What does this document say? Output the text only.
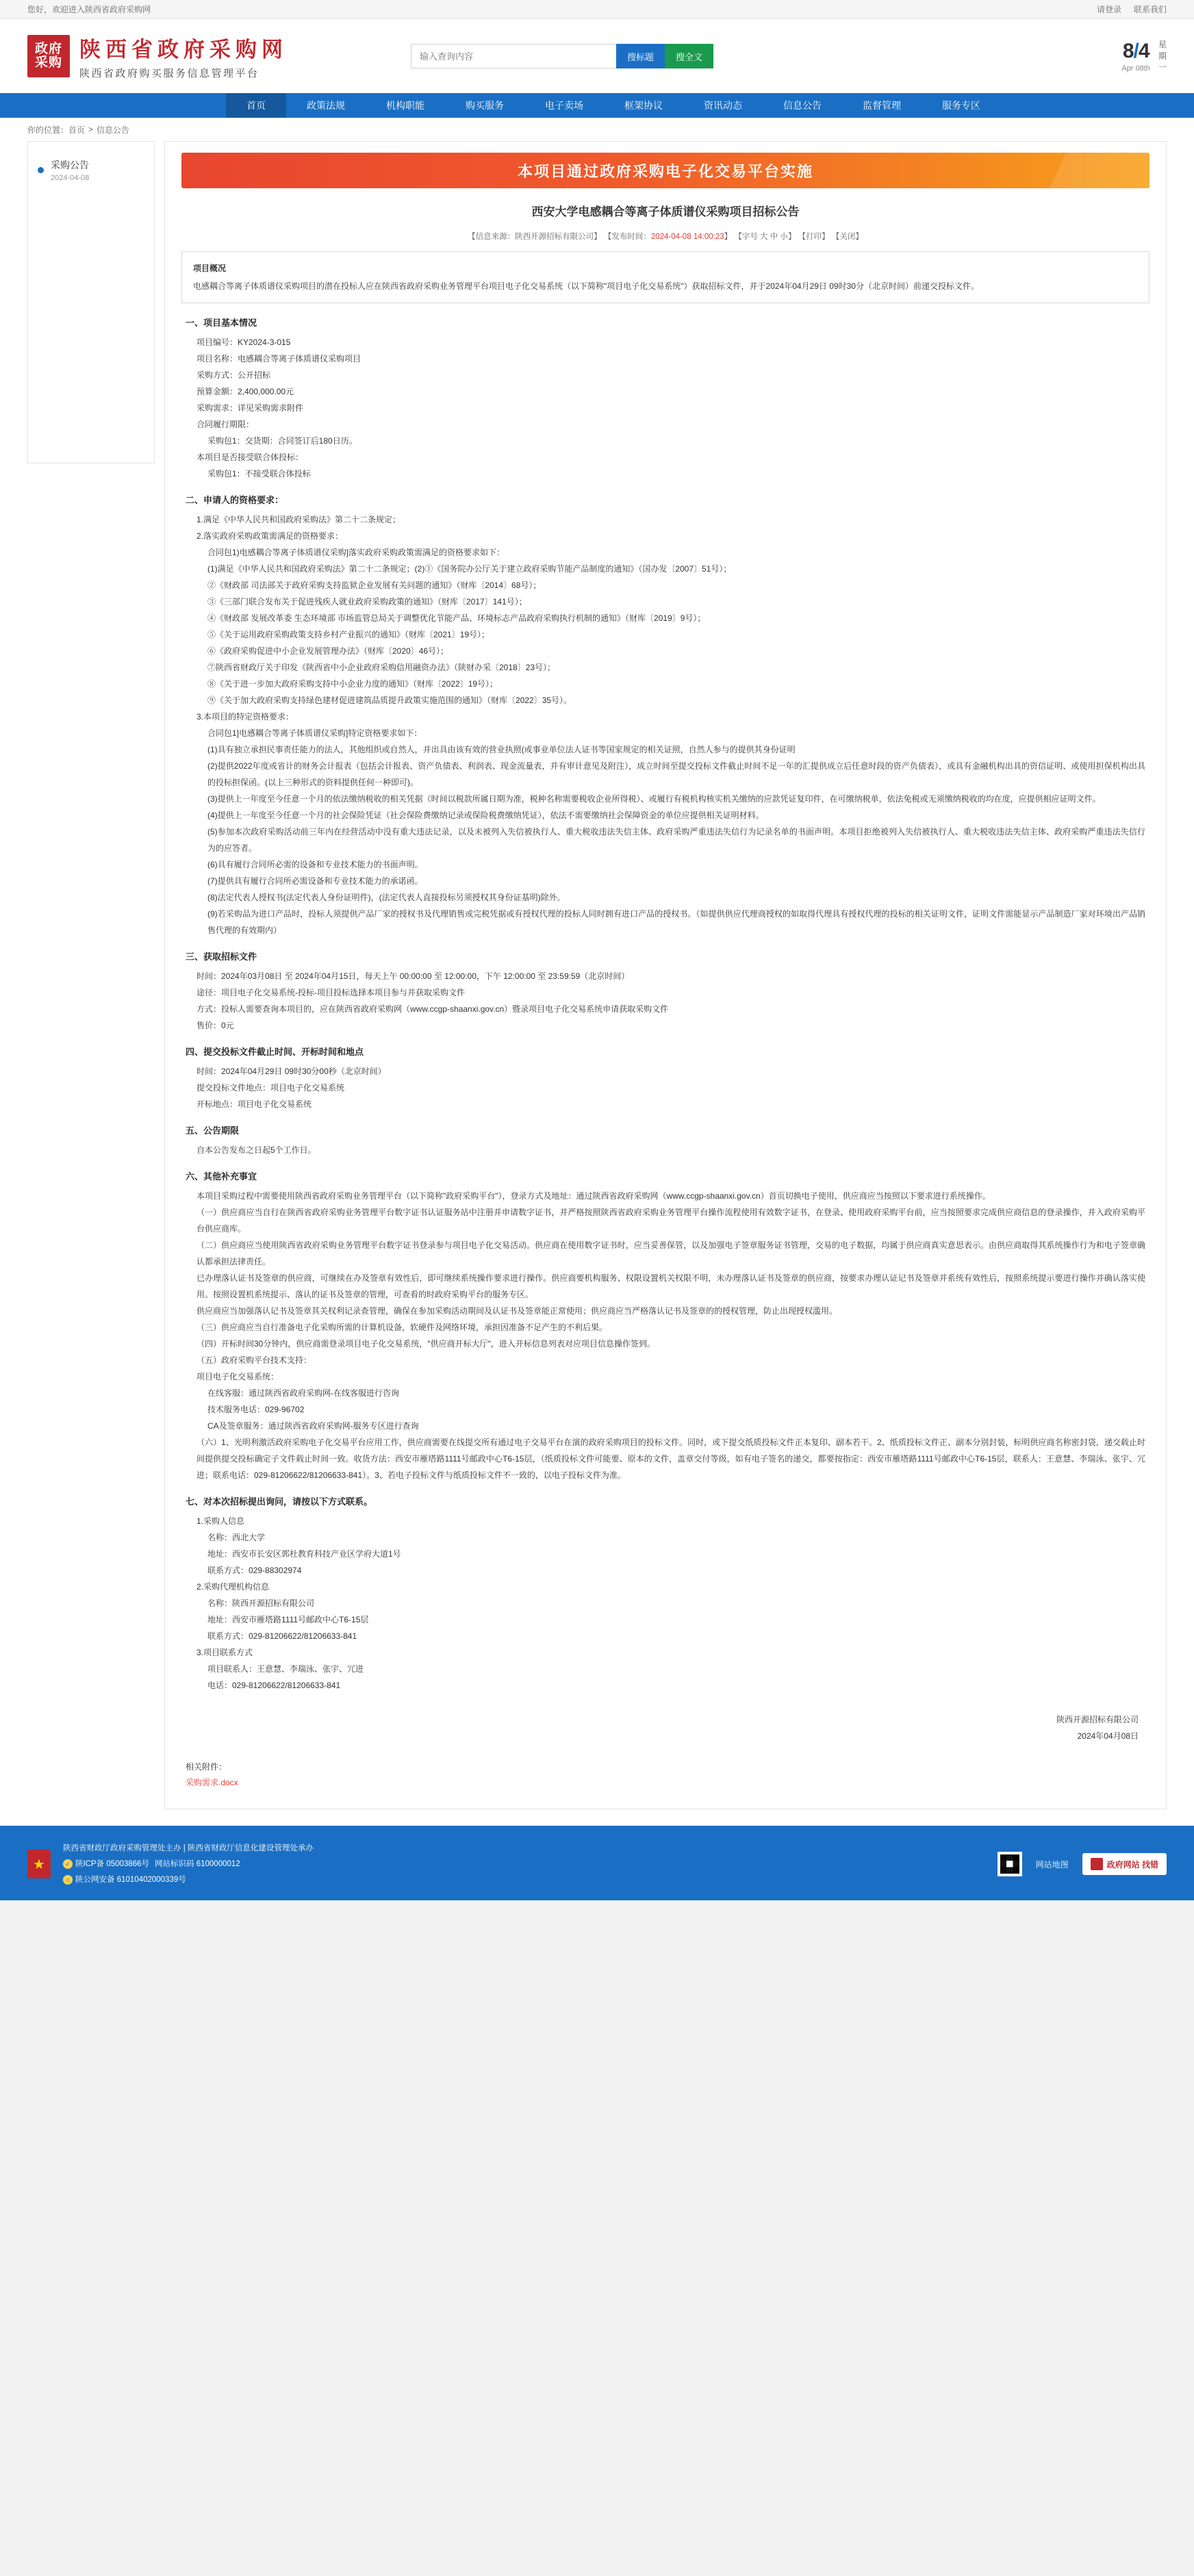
您好，欢迎进入陕西省政府采购网	请登录 联系我们
政府
采购
陕西省政府采购网
陕西省政府购买服务信息管理平台
输入查询内容
搜标题	搜全文	8/4
Apr 08th
星
期
一
首页	政策法规	机构职能	购买服务	电子卖场	框架协议	资讯动态	信息公告	监督管理	服务专区
你的位置： 首页 > 信息公告
采购公告
2024-04-08	本项目通过政府采购电子化交易平台实施
西安大学电感耦合等离子体质谱仪采购项目招标公告
【信息来源：陕西开源招标有限公司】 【发布时间：2024-04-08 14:00:23】 【字号 大 中 小】 【打印】 【关闭】
项目概况
电感耦合等离子体质谱仪采购项目的潜在投标人应在陕西省政府采购业务管理平台项目电子化交易系统（以下简称"项目电子化交易系统"）获取招标文件，并于2024年04月29日 09时30分（北京时间）前递交投标文件。
一、项目基本情况

项目编号：KY2024-3-015

项目名称：电感耦合等离子体质谱仪采购项目

采购方式：公开招标

预算金额：2,400,000.00元

采购需求：详见采购需求附件

合同履行期限：

采购包1：交货期：合同签订后180日历。

本项目是否接受联合体投标：

采购包1：不接受联合体投标

二、申请人的资格要求：

1.满足《中华人民共和国政府采购法》第二十二条规定；

2.落实政府采购政策需满足的资格要求：

合同包1)电感耦合等离子体质谱仪采购]落实政府采购政策需满足的资格要求如下：

(1)满足《中华人民共和国政府采购法》第二十二条规定；(2)①《国务院办公厅关于建立政府采购节能产品制度的通知》（国办发〔2007〕51号）；

②《财政部 司法部关于政府采购支持监狱企业发展有关问题的通知》（财库〔2014〕68号）；

③《三部门联合发布关于促进残疾人就业政府采购政策的通知》（财库〔2017〕141号）；

④《财政部 发展改革委 生态环境部 市场监管总局关于调整优化节能产品、环境标志产品政府采购执行机制的通知》（财库〔2019〕9号）；

⑤《关于运用政府采购政策支持乡村产业振兴的通知》（财库〔2021〕19号）；

⑥《政府采购促进中小企业发展管理办法》（财库〔2020〕46号）；

⑦陕西省财政厅关于印发《陕西省中小企业政府采购信用融资办法》（陕财办采〔2018〕23号）；

⑧《关于进一步加大政府采购支持中小企业力度的通知》（财库〔2022〕19号）；

⑨《关于加大政府采购支持绿色建材促进建筑品质提升政策实施范围的通知》（财库〔2022〕35号）。

3.本项目的特定资格要求：

合同包1]电感耦合等离子体质谱仪采购]特定资格要求如下：

(1)具有独立承担民事责任能力的法人，其他组织或自然人，并出具由该有效的营业执照(或事业单位法人证书等国家规定的相关证照，自然人参与的提供其身份证明

(2)提供2022年度或省计的财务会计报表（包括会计报表、资产负债表、利润表、现金流量表，并有审计意见及附注），成立时间至提交投标文件截止时间不足一年的汇提供成立后任意时段的资产负债表），或具有金融机构出具的资信证明、或使用担保机构出具的投标担保函。(以上三种形式的资料提供任何一种即可)。

(3)提供上一年度至今任意一个月的依法缴纳税收的相关凭据（时间以税款所属日期为准，税种名称需要税收企业所得税）、或履行有税机构核实机关缴纳的应款凭证复印件，在可缴纳税单，依法免税或无须缴纳税收的均在度，应提供相应证明文件。

(4)提供上一年度至今任意一个月的社会保险凭证（社会保险费缴纳记录或保险税费缴纳凭证），依法不需要缴纳社会保障资金的单位应提供相关证明材料。

(5)参加本次政府采购活动前三年内在经营活动中没有重大违法记录，以及未被列入失信被执行人、重大税收违法失信主体、政府采购严重违法失信行为记录名单的书面声明。本项目拒绝被列入失信被执行人、重大税收违法失信主体、政府采购严重违法失信行为的应答者。

(6)具有履行合同所必需的设备和专业技术能力的书面声明。

(7)提供具有履行合同所必需设备和专业技术能力的承诺函。

(8)法定代表人授权书(法定代表人身份证明件)，(法定代表人直接投标另须授权其身份证基明)除外。

(9)若采购品为进口产品时，投标人须提供产品厂家的授权书及代理销售或完税凭据或有授权代理的投标人同时拥有进口产品的授权书。（如提供供应代理商授权的如取得代理具有授权代理的投标的相关证明文件，证明文件需能显示产品制造厂家对环境出产品销售代理的有效期内）

三、获取招标文件

时间：2024年03月08日 至 2024年04月15日，每天上午 00:00:00 至 12:00:00，下午 12:00:00 至 23:59:59（北京时间）

途径：项目电子化交易系统-投标-项目投标选择本项目参与并获取采购文件

方式：投标人需要查询本项目的，应在陕西省政府采购网（www.ccgp-shaanxi.gov.cn）暨录项目电子化交易系统申请获取采购文件

售价：0元

四、提交投标文件截止时间、开标时间和地点

时间：2024年04月29日 09时30分00秒（北京时间）

提交投标文件地点：项目电子化交易系统

开标地点：项目电子化交易系统

五、公告期限

自本公告发布之日起5个工作日。

六、其他补充事宜

本项目采购过程中需要使用陕西省政府采购业务管理平台（以下简称"政府采购平台"），登录方式及地址：通过陕西省政府采购网（www.ccgp-shaanxi.gov.cn）首页切换电子使用，供应商应当按照以下要求进行系统操作。

（一）供应商应当自行在陕西省政府采购业务管理平台数字证书认证服务站中注册并申请数字证书，并严格按照陕西省政府采购业务管理平台操作流程使用有效数字证书，在登录、使用政府采购平台前，应当按照要求完成供应商信息的登录操作，并入政府采购平台供应商库。

（二）供应商应当使用陕西省政府采购业务管理平台数字证书登录参与项目电子化交易活动。供应商在使用数字证书时，应当妥善保管，以及加强电子签章服务证书管理，交易的电子数据，均属于供应商真实意思表示。由供应商取得其系统操作行为和电子签章确认都承担法律责任。

已办理落认证书及签章的供应商，可继续在办及签章有效性后，即可继续系统操作要求进行操作。供应商要机构服务、权限设置机关权限不明，未办理落认证书及签章的供应商，按要求办理认证记书及签章并系统有效性后，按照系统提示要进行操作并确认落实使用。按照设置机系统提示、落认的证书及签章的管理，可查看的时政府采购平台的服务专区。

供应商应当加强落认记书及签章其关权利记录查管理，确保在参加采购活动期间及认证书及签章能正常使用；供应商应当严格落认记书及签章的的授权管理，防止出现授权滥用。

（三）供应商应当自行准备电子化采购所需的计算机设备，软硬件及网络环境，承担因准备不足产生的不利后果。

（四）开标时间30分钟内，供应商需登录项目电子化交易系统，"供应商开标大厅"，进入开标信息列表对应项目信息操作签到。

（五）政府采购平台技术支持：

项目电子化交易系统：

在线客服：通过陕西省政府采购网-在线客服进行咨询

技术服务电话：029-96702

CA及签章服务：通过陕西省政府采购网-服务专区进行查询

（六）1、光明利激活政府采购电子化交易平台应用工作，供应商需要在线提交所有通过电子交易平台在演的政府采购项目的投标文件。同时，或下提交纸质投标文件正本复印、副本若干。2、纸质投标文件正、副本分别封装，标明供应商名称密封袋，递交载止时间提供提交投标确定子文件载止时间一致。收货方法：西安市雁塔路1111号邮政中心T6-15层，（纸质投标文件可能要、原本的文件，盖章交付等级，如有电子签名的递交，都要按指定：西安市雁塔路1111号邮政中心T6-15层，联系人：王意慧、李瑞泳、张宇、冗进；联系电话：029-81206622/81206633-841）。3、若电子投标文件与纸质投标文件不一致的，以电子投标文件为准。

七、对本次招标提出询问，请按以下方式联系。

1.采购人信息

名称：西北大学

地址：西安市长安区郭杜教育科技产业区学府大道1号

联系方式：029-88302974

2.采购代理机构信息

名称：陕西开源招标有限公司

地址：西安市雁塔路1111号邮政中心T6-15层

联系方式：029-81206622/81206633-841

3.项目联系方式

项目联系人：王意慧、李瑞泳、张宇、冗进

电话：029-81206622/81206633-841

陕西开源招标有限公司
2024年04月08日
相关附件：
采购需求.docx
★
陕西省财政厅政府采购管理处主办 | 陕西省财政厅信息化建设管理处承办
✓ 陕ICP备 05003866号 网站标识码 6100000012
⌂ 陕公网安备 61010402000339号
网站地图	政府网站 找错
